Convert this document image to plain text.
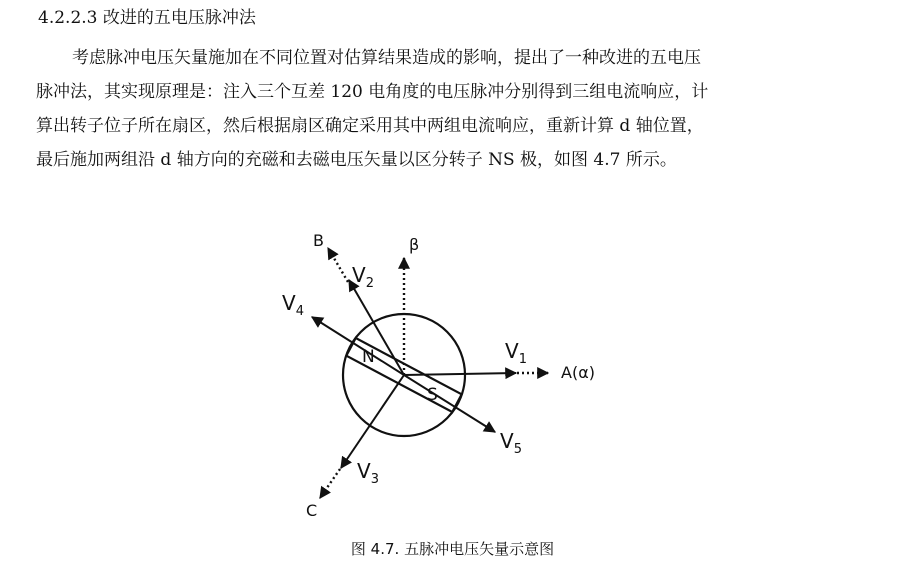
4.2.2.3 改进的五电压脉冲法
考虑脉冲电压矢量施加在不同位置对估算结果造成的影响，提出了一种改进的五电压
脉冲法，其实现原理是：注入三个互差 120 电角度的电压脉冲分别得到三组电流响应，计
算出转子位子所在扇区，然后根据扇区确定采用其中两组电流响应，重新计算 d 轴位置，
最后施加两组沿 d 轴方向的充磁和去磁电压矢量以区分转子 NS 极，如图 4.7 所示。
B	β
A(α)
C
$V_1$
$V_2$
$V_3$
$V_4$
$V_5$
N
S
图 4.7. 五脉冲电压矢量示意图
